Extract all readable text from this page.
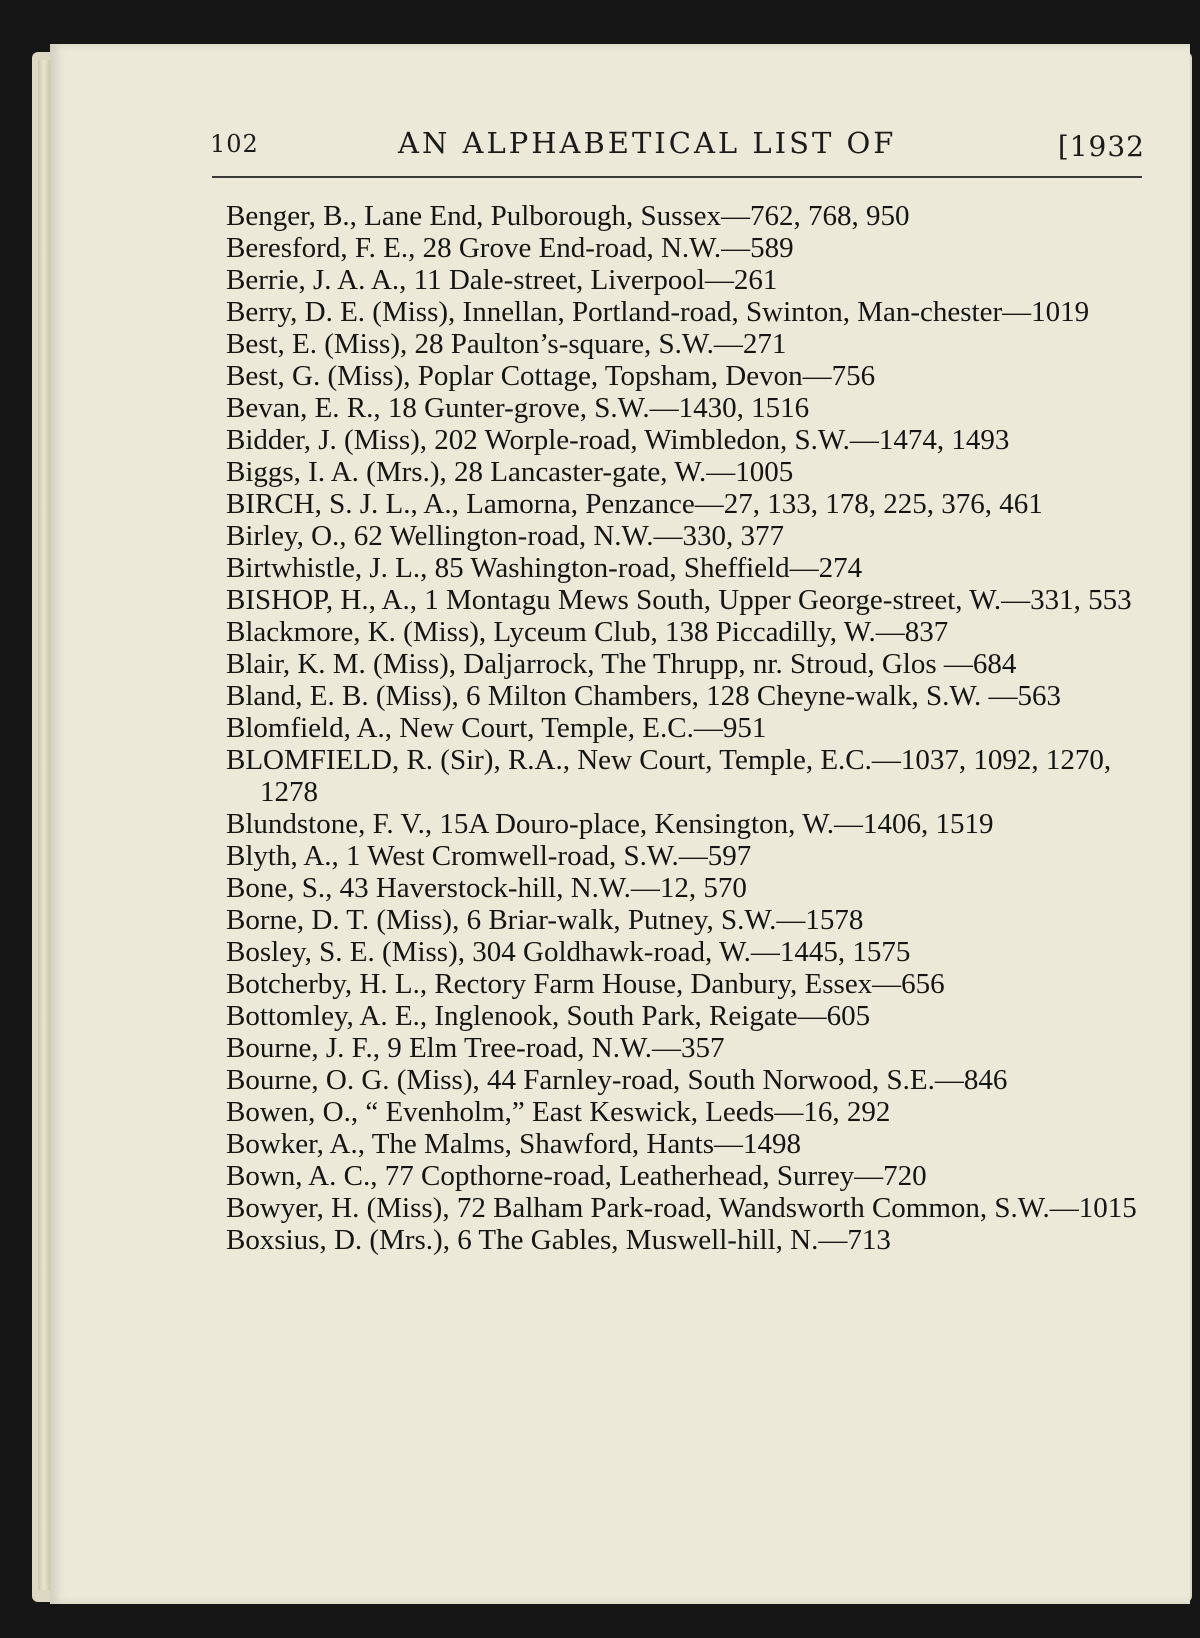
102	AN ALPHABETICAL LIST OF	[1932
Benger, B., Lane End, Pulborough, Sussex—762, 768, 950
Beresford, F. E., 28 Grove End-road, N.W.—589
Berrie, J. A. A., 11 Dale-street, Liverpool—261
Berry, D. E. (Miss), Innellan, Portland-road, Swinton, Man-chester—1019
Best, E. (Miss), 28 Paulton’s-square, S.W.—271
Best, G. (Miss), Poplar Cottage, Topsham, Devon—756
Bevan, E. R., 18 Gunter-grove, S.W.—1430, 1516
Bidder, J. (Miss), 202 Worple-road, Wimbledon, S.W.—1474, 1493
Biggs, I. A. (Mrs.), 28 Lancaster-gate, W.—1005
BIRCH, S. J. L., A., Lamorna, Penzance—27, 133, 178, 225, 376, 461
Birley, O., 62 Wellington-road, N.W.—330, 377
Birtwhistle, J. L., 85 Washington-road, Sheffield—274
BISHOP, H., A., 1 Montagu Mews South, Upper George-street, W.—331, 553
Blackmore, K. (Miss), Lyceum Club, 138 Piccadilly, W.—837
Blair, K. M. (Miss), Daljarrock, The Thrupp, nr. Stroud, Glos —684
Bland, E. B. (Miss), 6 Milton Chambers, 128 Cheyne-walk, S.W. —563
Blomfield, A., New Court, Temple, E.C.—951
BLOMFIELD, R. (Sir), R.A., New Court, Temple, E.C.—1037, 1092, 1270, 1278
Blundstone, F. V., 15A Douro-place, Kensington, W.—1406, 1519
Blyth, A., 1 West Cromwell-road, S.W.—597
Bone, S., 43 Haverstock-hill, N.W.—12, 570
Borne, D. T. (Miss), 6 Briar-walk, Putney, S.W.—1578
Bosley, S. E. (Miss), 304 Goldhawk-road, W.—1445, 1575
Botcherby, H. L., Rectory Farm House, Danbury, Essex—656
Bottomley, A. E., Inglenook, South Park, Reigate—605
Bourne, J. F., 9 Elm Tree-road, N.W.—357
Bourne, O. G. (Miss), 44 Farnley-road, South Norwood, S.E.—846
Bowen, O., “ Evenholm,” East Keswick, Leeds—16, 292
Bowker, A., The Malms, Shawford, Hants—1498
Bown, A. C., 77 Copthorne-road, Leatherhead, Surrey—720
Bowyer, H. (Miss), 72 Balham Park-road, Wandsworth Common, S.W.—1015
Boxsius, D. (Mrs.), 6 The Gables, Muswell-hill, N.—713
